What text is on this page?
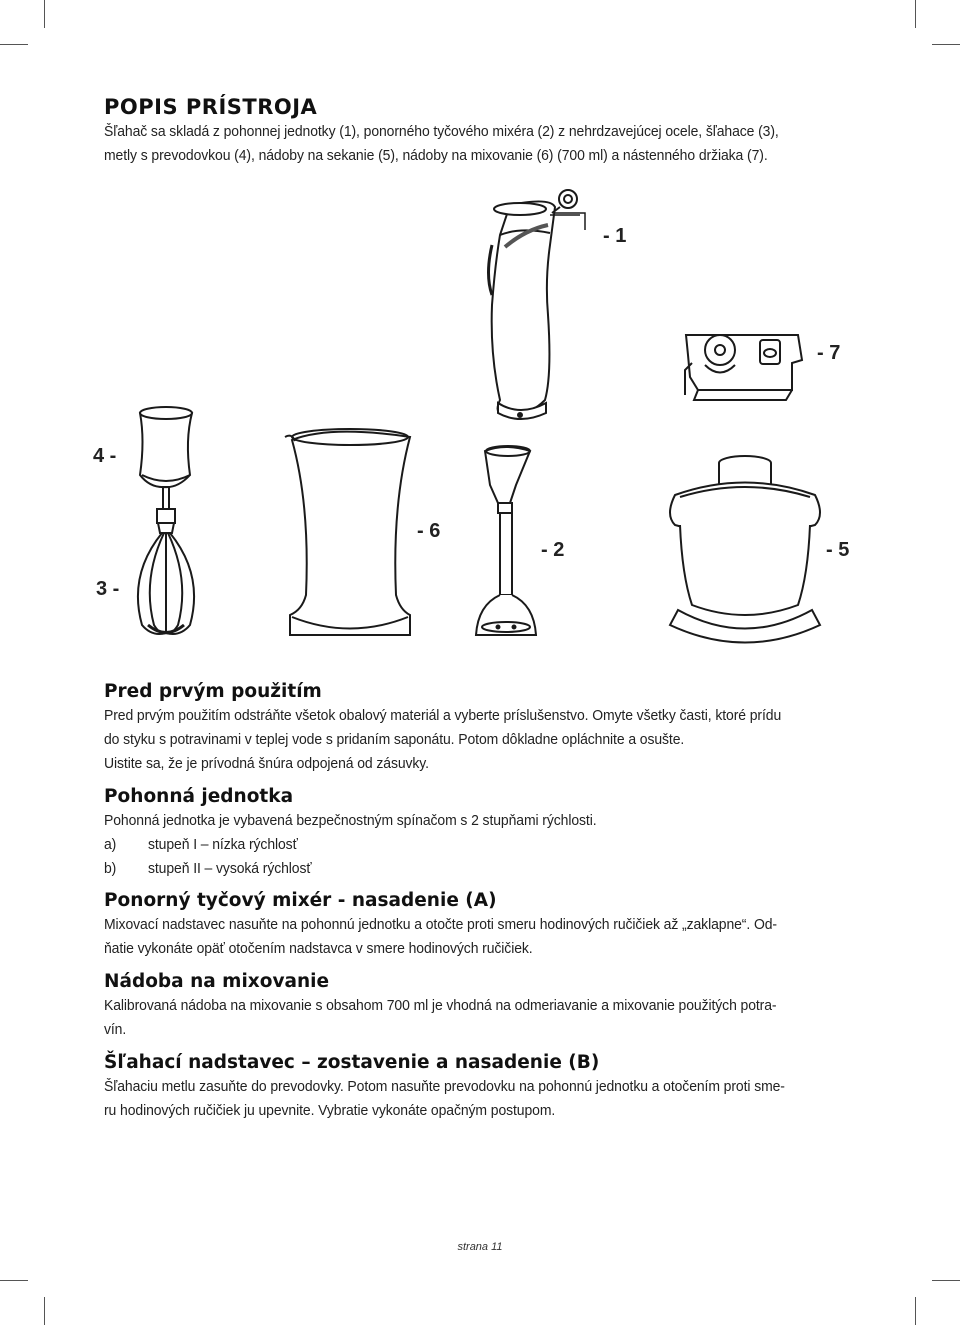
POPIS PRÍSTROJA

Šľahač sa skladá z pohonnej jednotky (1), ponorného tyčového mixéra (2) z nehrdzavejúcej ocele, šľahace (3),

metly s prevodovkou (4), nádoby na sekanie (5), nádoby na mixovanie (6) (700 ml) a nástenného držiaka (7).

- 1
- 7
4 -
- 6
- 2	- 5
3 -
Pred prvým použitím

Pred prvým použitím odstráňte všetok obalový materiál a vyberte príslušenstvo. Omyte všetky časti, ktoré prídu

do styku s potravinami v teplej vode s pridaním saponátu. Potom dôkladne opláchnite a osušte.

Uistite sa, že je prívodná šnúra odpojená od zásuvky.

Pohonná jednotka

Pohonná jednotka je vybavená bezpečnostným spínačom s 2 stupňami rýchlosti.

a)	stupeň I – nízka rýchlosť

b)	stupeň II – vysoká rýchlosť

Ponorný tyčový mixér - nasadenie (A)

Mixovací nadstavec nasuňte na pohonnú jednotku a otočte proti smeru hodinových ručičiek až „zaklapne“. Od-

ňatie vykonáte opäť otočením nadstavca v smere hodinových ručičiek.

Nádoba na mixovanie

Kalibrovaná nádoba na mixovanie s obsahom 700 ml je vhodná na odmeriavanie a mixovanie použitých potra-

vín.

Šľahací nadstavec – zostavenie a nasadenie (B)

Šľahaciu metlu zasuňte do prevodovky. Potom nasuňte prevodovku na pohonnú jednotku a otočením proti sme-

ru hodinových ručičiek ju upevnite. Vybratie vykonáte opačným postupom.

strana 11
